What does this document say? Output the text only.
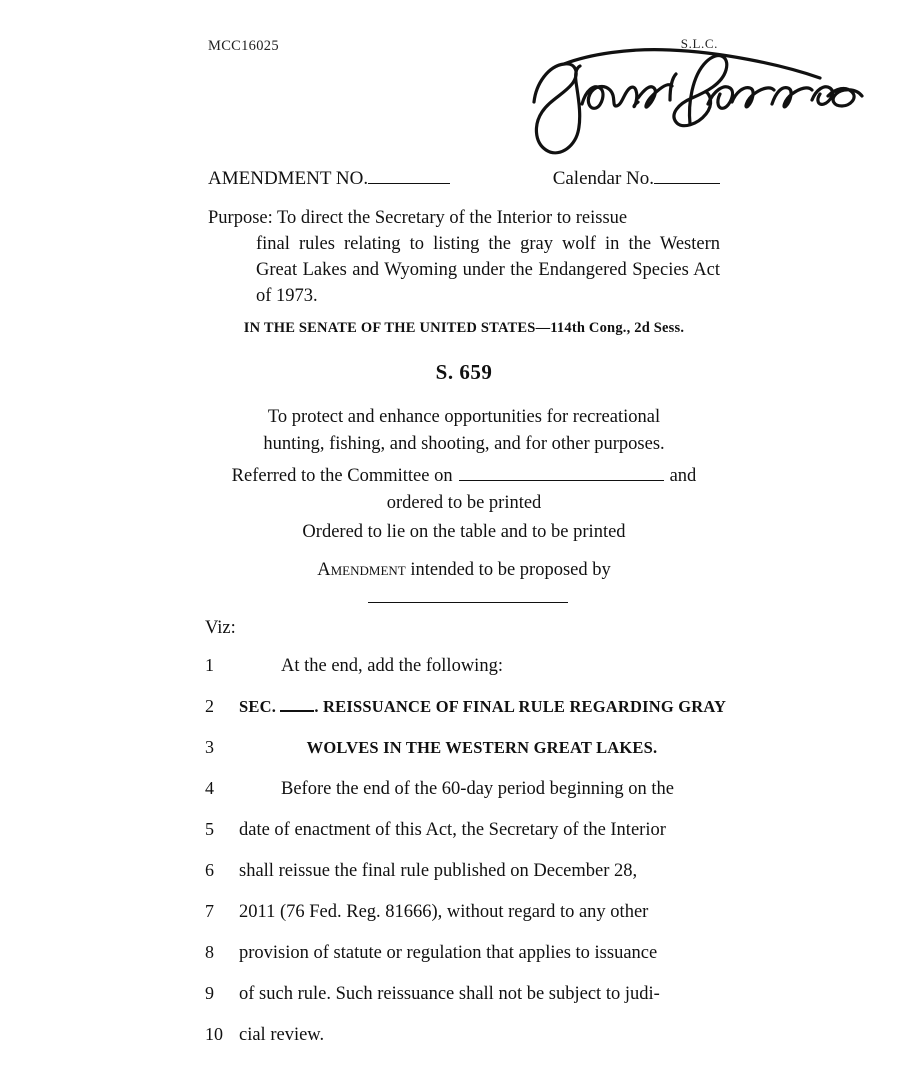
MCC16025	S.L.C.
AMENDMENT NO.	Calendar No.
Purpose: To direct the Secretary of the Interior to reissue
final rules relating to listing the gray wolf in the Western Great Lakes and Wyoming under the Endangered Species Act of 1973.
IN THE SENATE OF THE UNITED STATES—114th Cong., 2d Sess.
S. 659
To protect and enhance opportunities for recreational
hunting, fishing, and shooting, and for other purposes.
Referred to the Committee on	and
ordered to be printed
Ordered to lie on the table and to be printed
Amendment intended to be proposed by
Viz:
1	At the end, add the following:
2	SEC. . REISSUANCE OF FINAL RULE REGARDING GRAY
3	WOLVES IN THE WESTERN GREAT LAKES.
4	Before the end of the 60-day period beginning on the
5	date of enactment of this Act, the Secretary of the Interior
6	shall reissue the final rule published on December 28,
7	2011 (76 Fed. Reg. 81666), without regard to any other
8	provision of statute or regulation that applies to issuance
9	of such rule. Such reissuance shall not be subject to judi-
10 cial review.
